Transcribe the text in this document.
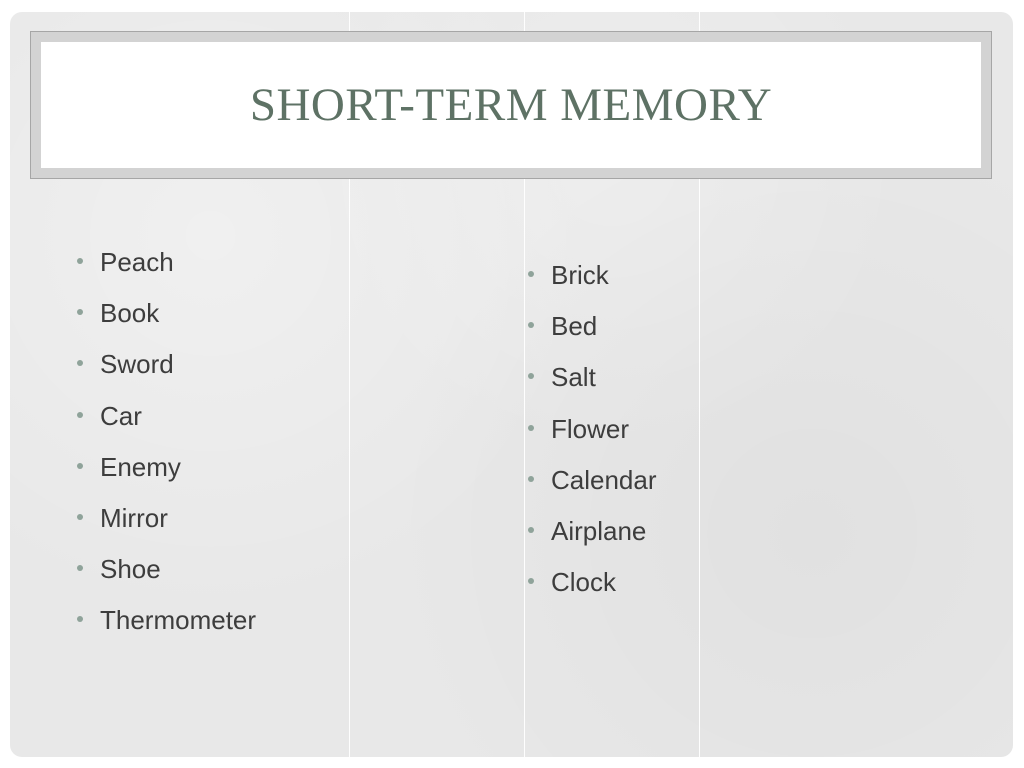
SHORT-TERM MEMORY
Peach
Book
Sword
Car
Enemy
Mirror
Shoe
Thermometer
Brick
Bed
Salt
Flower
Calendar
Airplane
Clock
